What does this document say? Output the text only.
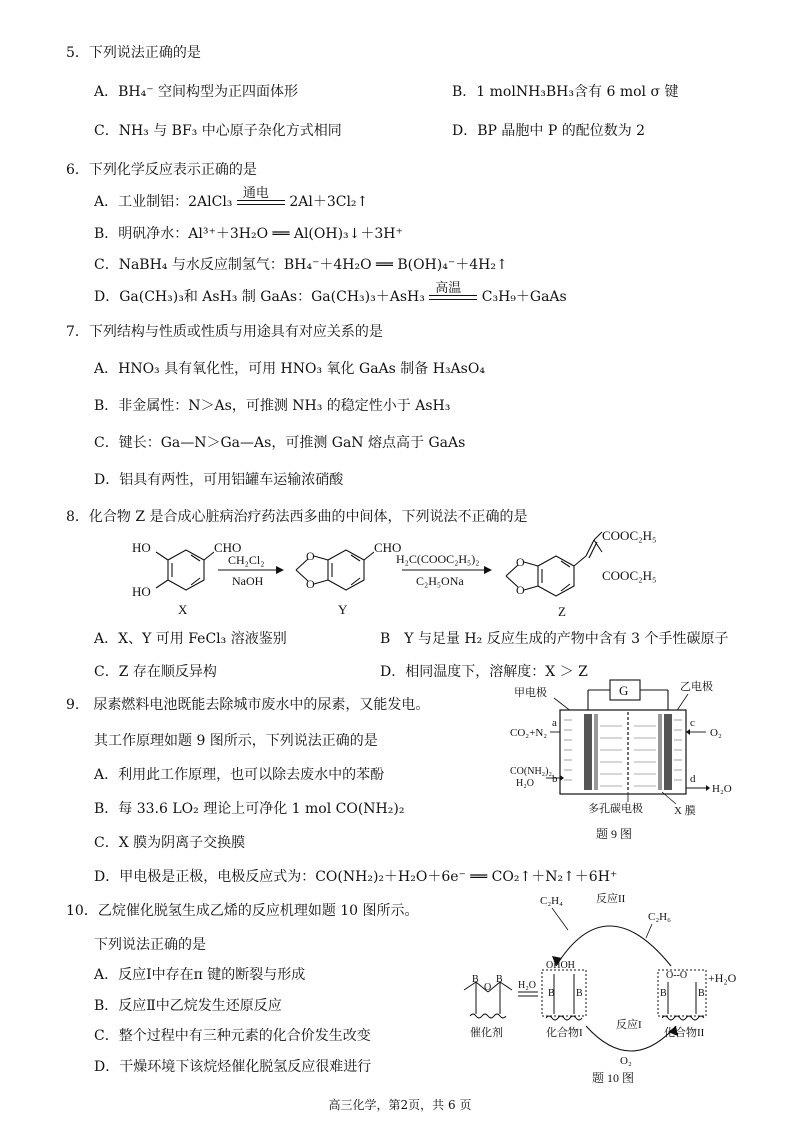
5．下列说法正确的是
A．BH₄⁻ 空间构型为正四面体形	B．1 molNH₃BH₃含有 6 mol σ 键
C．NH₃ 与 BF₃ 中心原子杂化方式相同	D．BP 晶胞中 P 的配位数为 2
6．下列化学反应表示正确的是
A．工业制铝：2AlCl₃
通电
2Al＋3Cl₂↑
B．明矾净水：Al³⁺＋3H₂O ══ Al(OH)₃↓＋3H⁺
C．NaBH₄ 与水反应制氢气：BH₄⁻＋4H₂O ══ B(OH)₄⁻＋4H₂↑
D．Ga(CH₃)₃和 AsH₃ 制 GaAs：Ga(CH₃)₃＋AsH₃
高温
C₃H₉＋GaAs
7．下列结构与性质或性质与用途具有对应关系的是
A．HNO₃ 具有氧化性，可用 HNO₃ 氧化 GaAs 制备 H₃AsO₄
B．非金属性：N＞As，可推测 NH₃ 的稳定性小于 AsH₃
C．键长：Ga—N＞Ga—As，可推测 GaN 熔点高于 GaAs
D．铝具有两性，可用铝罐车运输浓硝酸
8．化合物 Z 是合成心脏病治疗药法西多曲的中间体，下列说法不正确的是
HO
HO
CHO
X
CH₂Cl₂
NaOH
O
O
CHO
Y
H₂C(COOC₂H₅)₂
C₂H₅ONa
O
O
COOC₂H₅
COOC₂H₅
Z
A．X、Y 可用 FeCl₃ 溶液鉴别	B　Y 与足量 H₂ 反应生成的产物中含有 3 个手性碳原子
C．Z 存在顺反异构	D．相同温度下，溶解度：X ＞ Z
9.　尿素燃料电池既能去除城市废水中的尿素，又能发电。
其工作原理如题 9 图所示，下列说法正确的是
A．利用此工作原理，也可以除去废水中的苯酚
B．每 33.6 LO₂ 理论上可净化 1 mol CO(NH₂)₂
C．X 膜为阴离子交换膜
D．甲电极是正极，电极反应式为：CO(NH₂)₂＋H₂O＋6e⁻ ══ CO₂↑＋N₂↑＋6H⁺
G
甲电极	乙电极
a
b
c
d
CO₂+N₂
CO(NH₂)₂
H₂O
O₂
H₂O
多孔碳电极	X 膜
题 9 图
10．乙烷催化脱氢生成乙烯的反应机理如题 10 图所示。
下列说法正确的是
A．反应Ⅰ中存在π 键的断裂与形成
B．反应Ⅱ中乙烷发生还原反应
C．整个过程中有三种元素的化合价发生改变
D．干燥环境下该烷烃催化脱氢反应很难进行
C₂H₄	反应II
C₂H₆
B
O
B
催化剂
H₂O
OHOH
B B
化合物I
反应I
O₂
O--O
B	B
+H₂O
化合物II
题 10 图
高三化学，第2页，共 6 页
